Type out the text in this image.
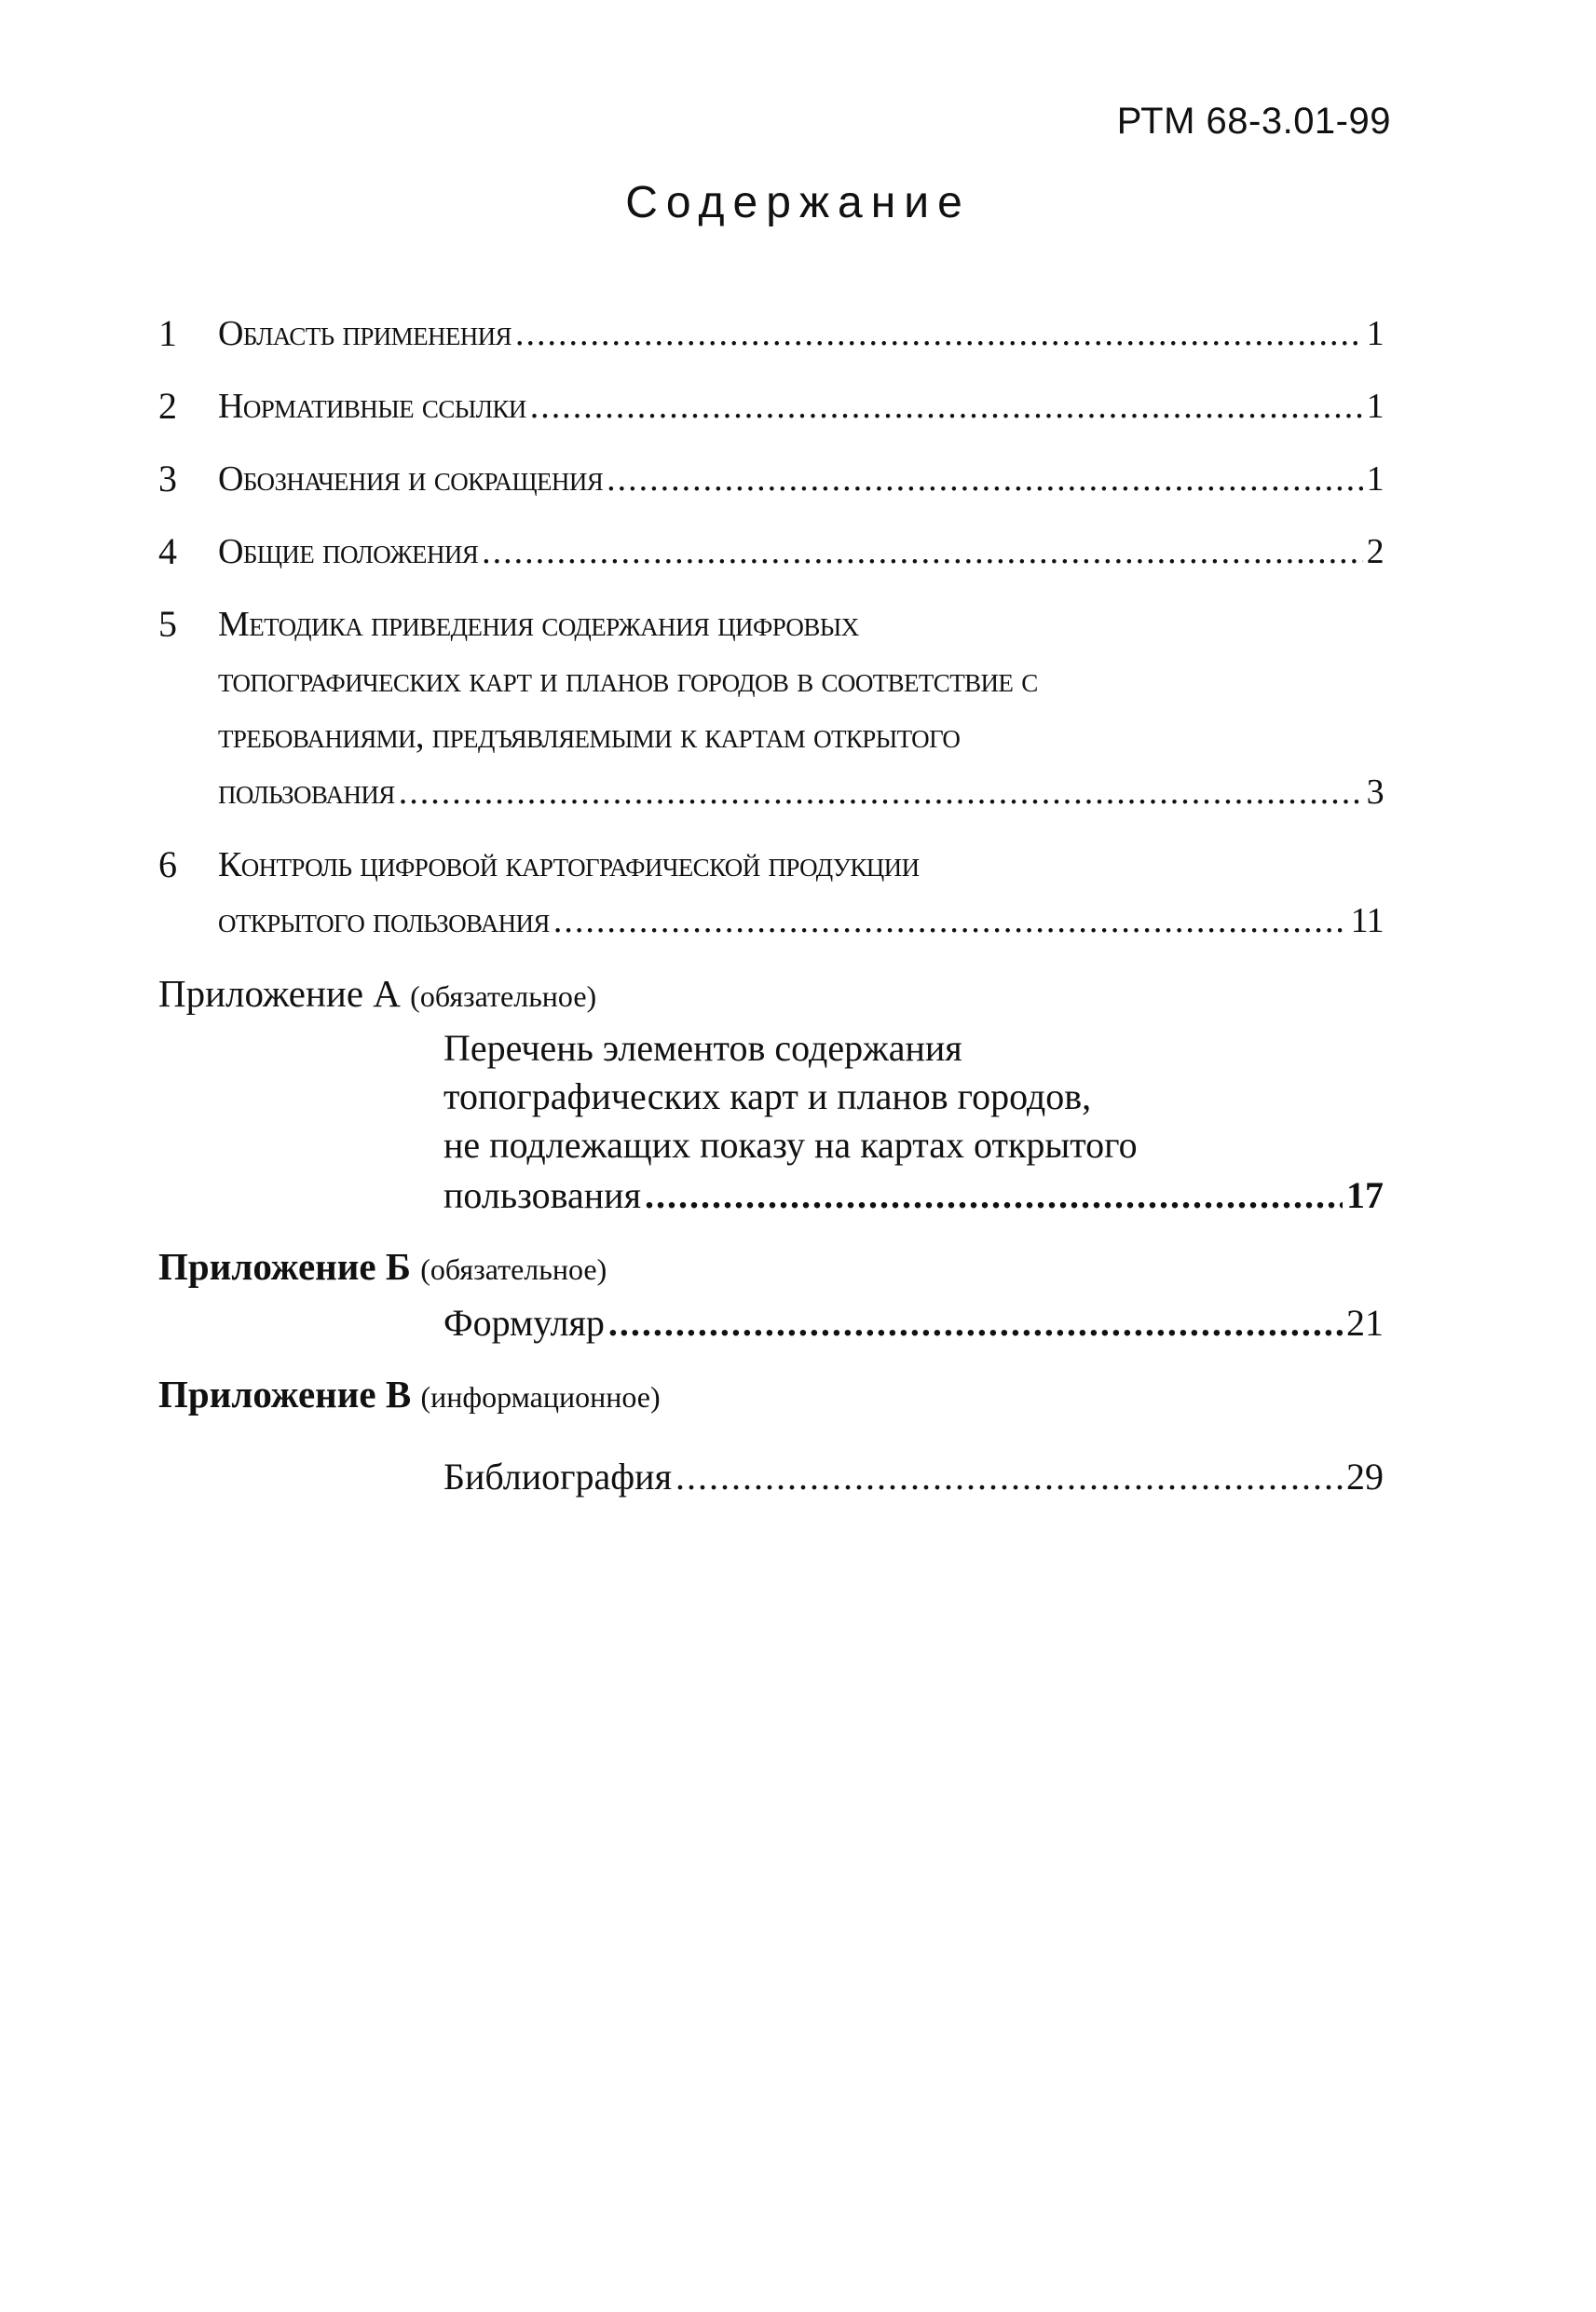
РТМ 68-3.01-99
Содержание
1	Область применения .....	1
2	Нормативные ссылки .....	1
3	Обозначения и сокращения .....	1
4	Общие положения .....	2
5	Методика приведения содержания цифровых
топографических карт и планов городов в соответствие с
требованиями, предъявляемыми к картам открытого
пользования .....	3
6	Контроль цифровой картографической продукции
открытого пользования .....	11
Приложение А (обязательное)
Перечень элементов содержания
топографических карт и планов городов,
не подлежащих показу на картах открытого
пользования .....	17
Приложение Б (обязательное)
Формуляр .....	21
Приложение В (информационное)
Библиография .....	29
